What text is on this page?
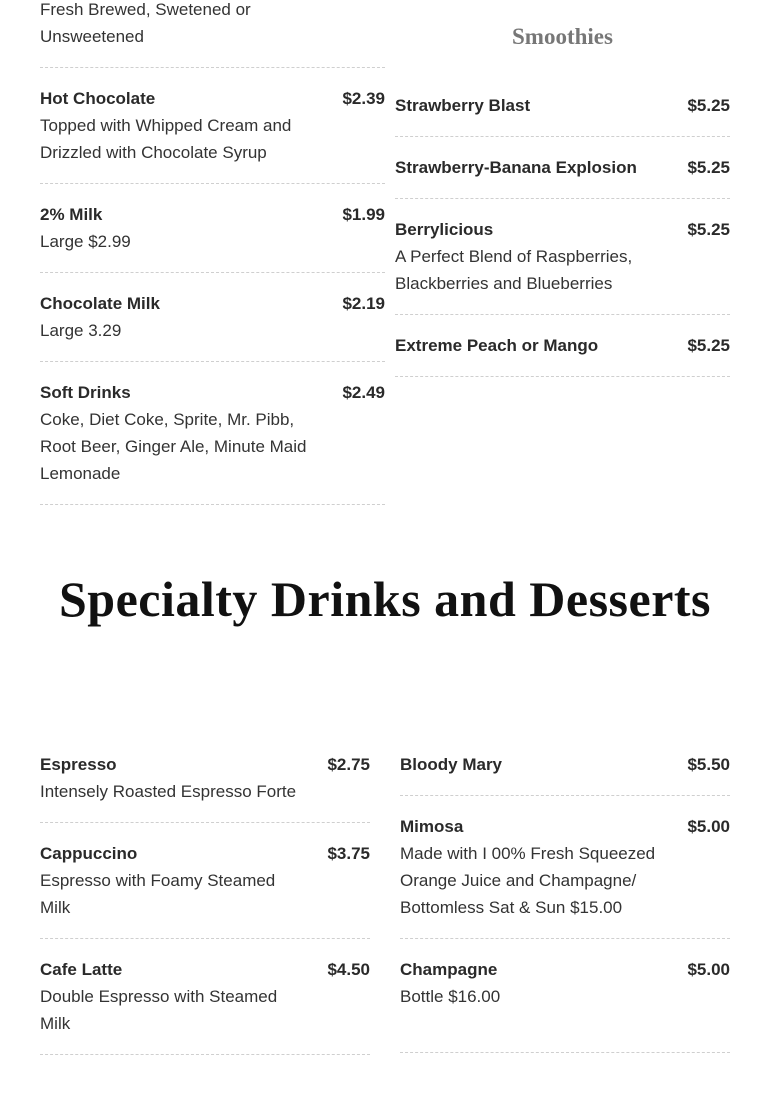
Fresh Brewed, Swetened or Unsweetened
Hot Chocolate	$2.39
Topped with Whipped Cream and Drizzled with Chocolate Syrup
2% Milk	$1.99
Large $2.99
Chocolate Milk	$2.19
Large 3.29
Soft Drinks	$2.49
Coke, Diet Coke, Sprite, Mr. Pibb, Root Beer, Ginger Ale, Minute Maid Lemonade
Smoothies
Strawberry Blast	$5.25
Strawberry-Banana Explosion	$5.25
Berrylicious	$5.25
A Perfect Blend of Raspberries, Blackberries and Blueberries
Extreme Peach or Mango	$5.25
Specialty Drinks and Desserts
Espresso	$2.75
Intensely Roasted Espresso Forte
Cappuccino	$3.75
Espresso with Foamy Steamed Milk
Cafe Latte	$4.50
Double Espresso with Steamed Milk
Bloody Mary	$5.50
Mimosa	$5.00
Made with I 00% Fresh Squeezed Orange Juice and Champagne/ Bottomless Sat & Sun $15.00
Champagne	$5.00
Bottle $16.00
